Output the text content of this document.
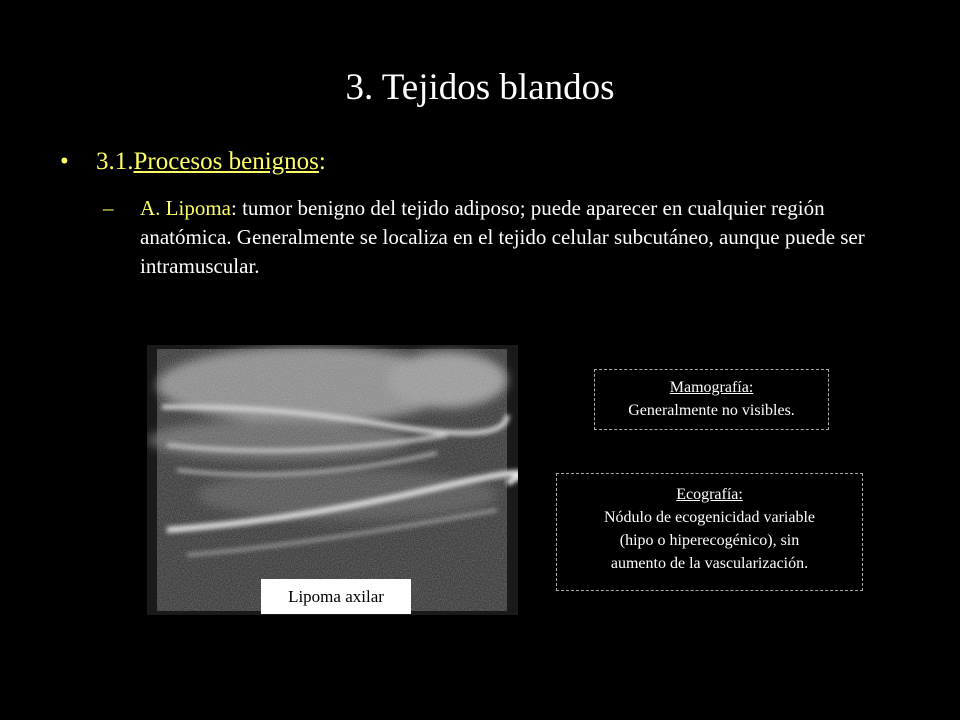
3. Tejidos blandos
•	3.1. Procesos benignos :
–	A. Lipoma: tumor benigno del tejido adiposo; puede aparecer en cualquier región anatómica. Generalmente se localiza en el tejido celular subcutáneo, aunque puede ser intramuscular.
Lipoma axilar
Mamografía:
Generalmente no visibles.
Ecografía:
Nódulo de ecogenicidad variable
(hipo o hiperecogénico), sin
aumento de la vascularización.
